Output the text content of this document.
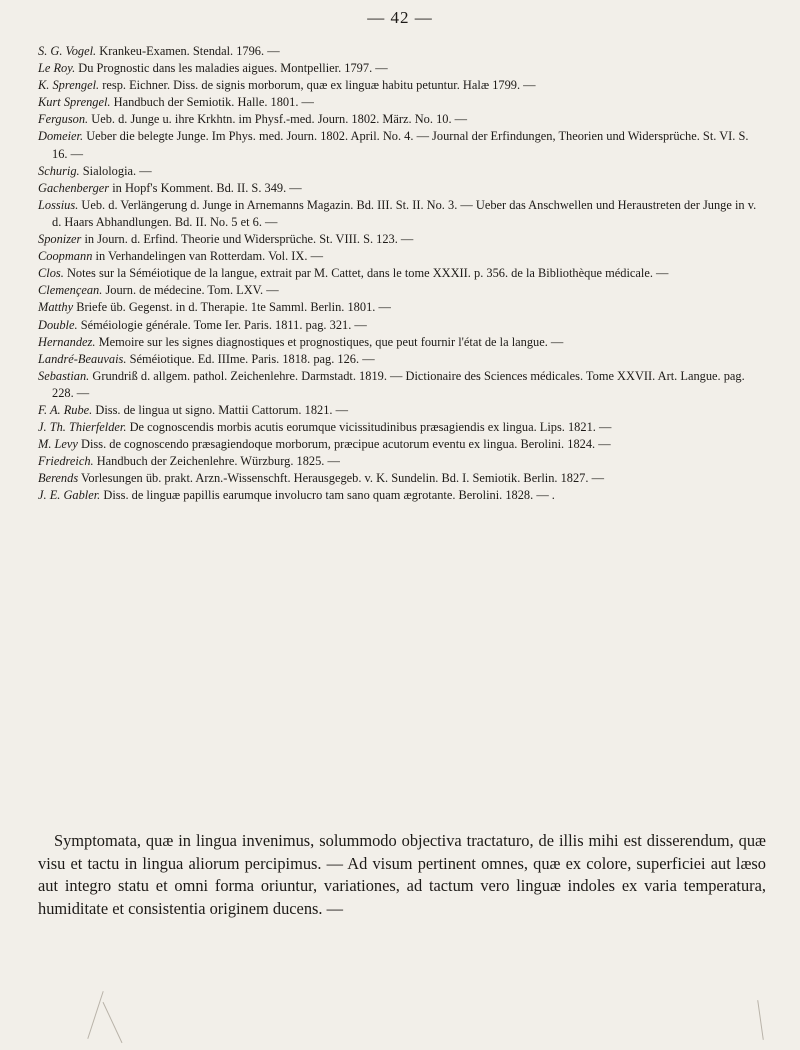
— 42 —
S. G. Vogel. Krankeu-Examen. Stendal. 1796. —
Le Roy. Du Prognostic dans les maladies aigues. Montpellier. 1797. —
K. Sprengel. resp. Eichner. Diss. de signis morborum, quæ ex linguæ habitu petuntur. Halæ 1799. —
Kurt Sprengel. Handbuch der Semiotik. Halle. 1801. —
Ferguson. Ueb. d. Junge u. ihre Krkhtn. im Physf.-med. Journ. 1802. März. No. 10. —
Domeier. Ueber die belegte Junge. Im Phys. med. Journ. 1802. April. No. 4. — Journal der Erfindungen, Theorien und Widersprüche. St. VI. S. 16. —
Schurig. Sialologia. —
Gachenberger in Hopf's Komment. Bd. II. S. 349. —
Lossius. Ueb. d. Verlängerung d. Junge in Arnemanns Magazin. Bd. III. St. II. No. 3. — Ueber das Anschwellen und Heraustreten der Junge in v. d. Haars Abhandlungen. Bd. II. No. 5 et 6. —
Sponizer in Journ. d. Erfind. Theorie und Widersprüche. St. VIII. S. 123. —
Coopmann in Verhandelingen van Rotterdam. Vol. IX. —
Clos. Notes sur la Séméiotique de la langue, extrait par M. Cattet, dans le tome XXXII. p. 356. de la Bibliothèque médicale. —
Clemençean. Journ. de médecine. Tom. LXV. —
Matthy Briefe üb. Gegenst. in d. Therapie. 1te Samml. Berlin. 1801. —
Double. Séméiologie générale. Tome Ier. Paris. 1811. pag. 321. —
Hernandez. Memoire sur les signes diagnostiques et prognostiques, que peut fournir l'état de la langue. —
Landré-Beauvais. Séméiotique. Ed. IIIme. Paris. 1818. pag. 126. —
Sebastian. Grundriß d. allgem. pathol. Zeichenlehre. Darmstadt. 1819. — Dictionaire des Sciences médicales. Tome XXVII. Art. Langue. pag. 228. —
F. A. Rube. Diss. de lingua ut signo. Mattii Cattorum. 1821. —
J. Th. Thierfelder. De cognoscendis morbis acutis eorumque vicissitudinibus præsagiendis ex lingua. Lips. 1821. —
M. Levy Diss. de cognoscendo præsagiendoque morborum, præcipue acutorum eventu ex lingua. Berolini. 1824. —
Friedreich. Handbuch der Zeichenlehre. Würzburg. 1825. —
Berends Vorlesungen üb. prakt. Arzn.-Wissenschft. Herausgegeb. v. K. Sundelin. Bd. I. Semiotik. Berlin. 1827. —
J. E. Gabler. Diss. de linguæ papillis earumque involucro tam sano quam ægrotante. Berolini. 1828. — .

Symptomata, quæ in lingua invenimus, solummodo objectiva tractaturo, de illis mihi est disserendum, quæ visu et tactu in lingua aliorum percipimus. — Ad visum pertinent omnes, quæ ex colore, superficiei aut læso aut integro statu et omni forma oriuntur, variationes, ad tactum vero linguæ indoles ex varia temperatura, humiditate et consistentia originem ducens. —
